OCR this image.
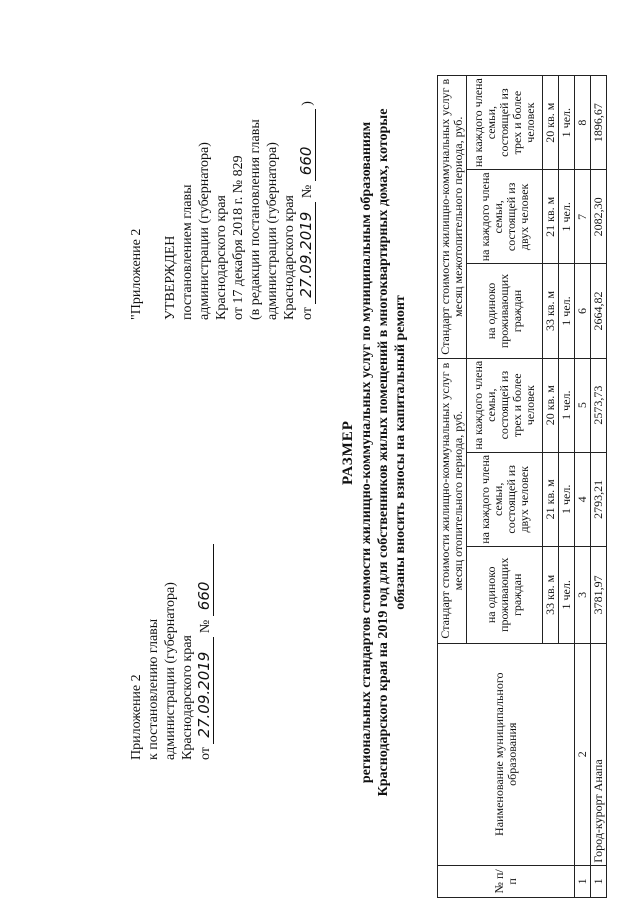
Приложение 2 к постановлению главы администрации (губернатора) Краснодарского края от 27.09.2019 № 660
"Приложение 2 УТВЕРЖДЕН постановлением главы администрации (губернатора) Краснодарского края от 17 декабря 2018 г. № 829 (в редакции постановления главы администрации (губернатора) Краснодарского края от 27.09.2019 № 660 )
РАЗМЕР региональных стандартов стоимости жилищно-коммунальных услуг по муниципальным образованиям Краснодарского края на 2019 год для собственников жилых помещений в многоквартирных домах, которые обязаны вносить взносы на капитальный ремонт
№ п/п	Наименование муниципального образования	Стандарт стоимости жилищно-коммунальных услуг в месяц отопительного периода, руб.			Стандарт стоимости жилищно-коммунальных услуг в месяц межотопительного периода, руб.		
		на одиноко проживающих граждан	на каждого члена семьи, состоящей из двух человек	на каждого члена семьи, состоящей из трех и более человек	на одиноко проживающих граждан	на каждого члена семьи, состоящей из двух человек	на каждого члена семьи, состоящей из трех и более человек
		33 кв. м	21 кв. м	20 кв. м	33 кв. м	21 кв. м	20 кв. м
		1 чел.	1 чел.	1 чел.	1 чел.	1 чел.	1 чел.
1	2	3	4	5	6	7	8
1	Город-курорт Анапа	3781,97	2793,21	2573,73	2664,82	2082,30	1896,67
